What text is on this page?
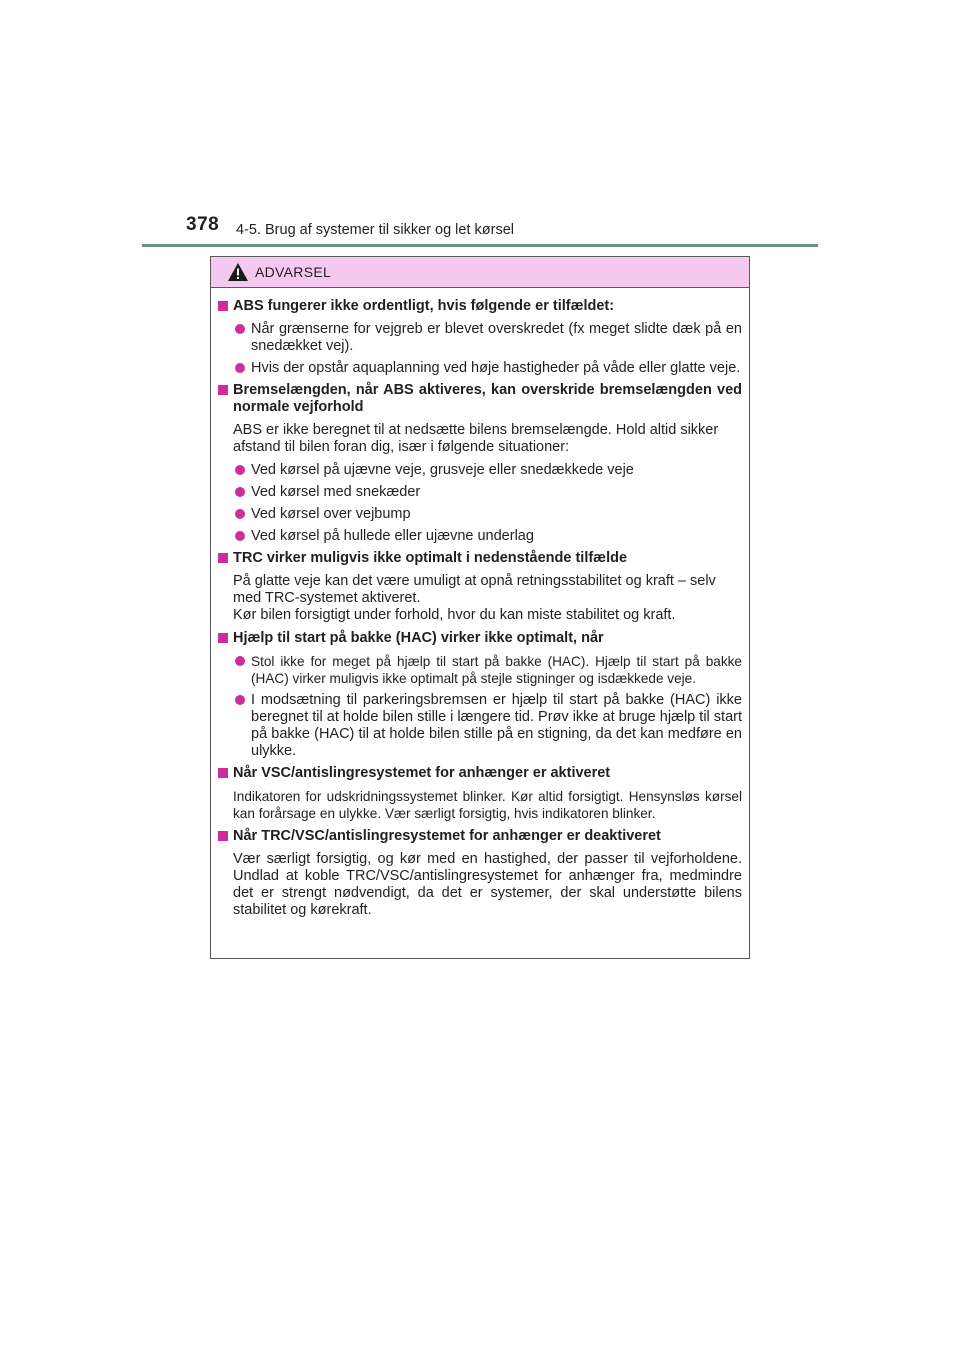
378 4-5. Brug af systemer til sikker og let kørsel
ADVARSEL
ABS fungerer ikke ordentligt, hvis følgende er tilfældet:
Når grænserne for vejgreb er blevet overskredet (fx meget slidte dæk på en snedækket vej).
Hvis der opstår aquaplanning ved høje hastigheder på våde eller glatte veje.
Bremselængden, når ABS aktiveres, kan overskride bremselængden ved normale vejforhold
ABS er ikke beregnet til at nedsætte bilens bremselængde. Hold altid sikker afstand til bilen foran dig, især i følgende situationer:
Ved kørsel på ujævne veje, grusveje eller snedækkede veje
Ved kørsel med snekæder
Ved kørsel over vejbump
Ved kørsel på hullede eller ujævne underlag
TRC virker muligvis ikke optimalt i nedenstående tilfælde
På glatte veje kan det være umuligt at opnå retningsstabilitet og kraft – selv med TRC-systemet aktiveret.
Kør bilen forsigtigt under forhold, hvor du kan miste stabilitet og kraft.
Hjælp til start på bakke (HAC) virker ikke optimalt, når
Stol ikke for meget på hjælp til start på bakke (HAC). Hjælp til start på bakke (HAC) virker muligvis ikke optimalt på stejle stigninger og isdækkede veje.
I modsætning til parkeringsbremsen er hjælp til start på bakke (HAC) ikke beregnet til at holde bilen stille i længere tid. Prøv ikke at bruge hjælp til start på bakke (HAC) til at holde bilen stille på en stigning, da det kan medføre en ulykke.
Når VSC/antislingresystemet for anhænger er aktiveret
Indikatoren for udskridningssystemet blinker. Kør altid forsigtigt. Hensynsløs kørsel kan forårsage en ulykke. Vær særligt forsigtig, hvis indikatoren blinker.
Når TRC/VSC/antislingresystemet for anhænger er deaktiveret
Vær særligt forsigtig, og kør med en hastighed, der passer til vejforholdene. Undlad at koble TRC/VSC/antislingresystemet for anhænger fra, medmindre det er strengt nødvendigt, da det er systemer, der skal understøtte bilens stabilitet og kørekraft.
